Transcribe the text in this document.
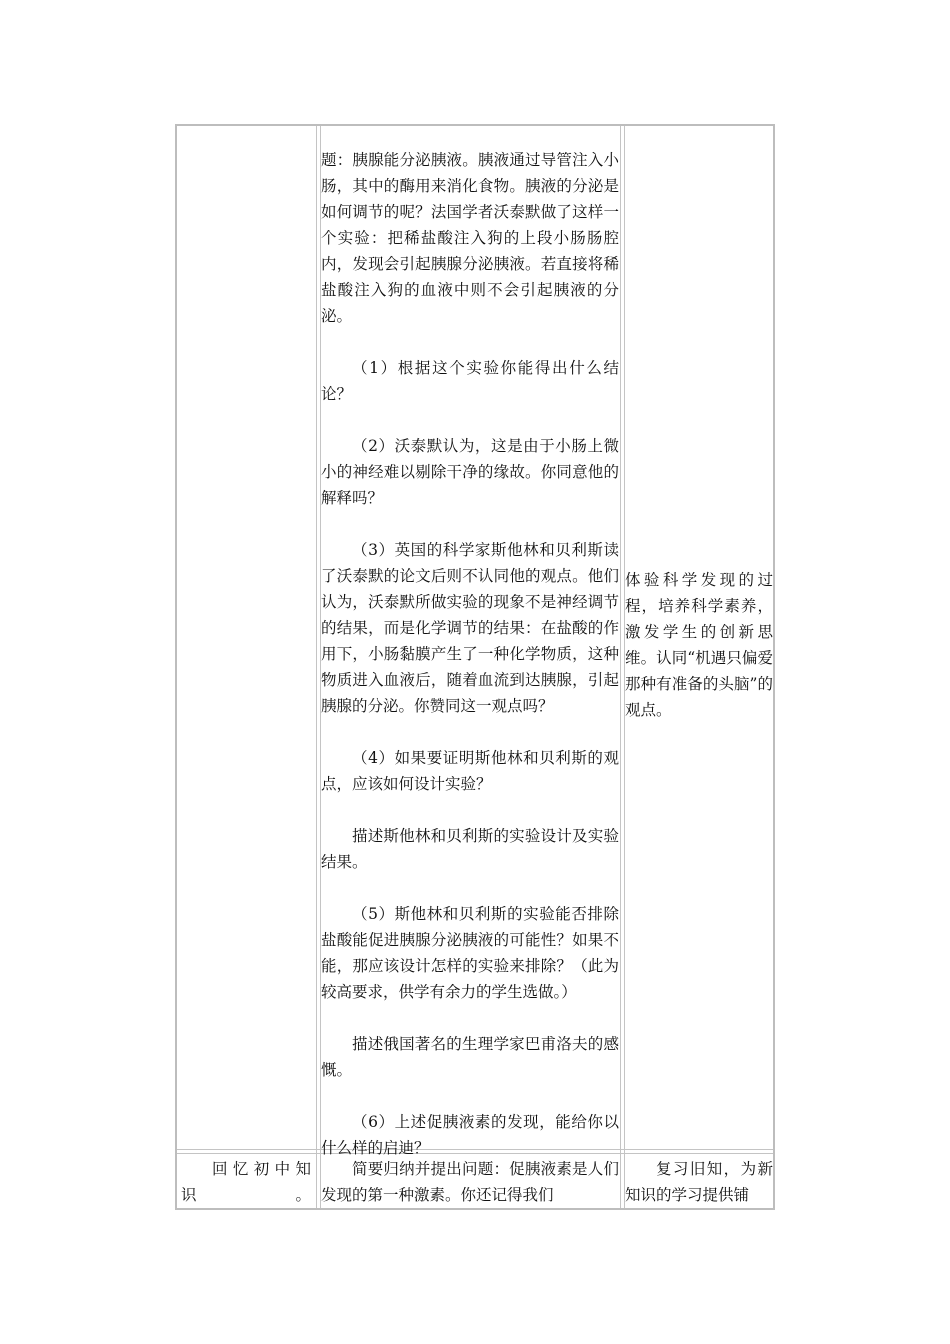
题：胰腺能分泌胰液。胰液通过导管注入小肠，其中的酶用来消化食物。胰液的分泌是如何调节的呢？法国学者沃泰默做了这样一个实验：把稀盐酸注入狗的上段小肠肠腔内，发现会引起胰腺分泌胰液。若直接将稀盐酸注入狗的血液中则不会引起胰液的分泌。

（1）根据这个实验你能得出什么结论？

（2）沃泰默认为，这是由于小肠上微小的神经难以剔除干净的缘故。你同意他的解释吗？

（3）英国的科学家斯他林和贝利斯读了沃泰默的论文后则不认同他的观点。他们认为，沃泰默所做实验的现象不是神经调节的结果，而是化学调节的结果：在盐酸的作用下，小肠黏膜产生了一种化学物质，这种物质进入血液后，随着血流到达胰腺，引起胰腺的分泌。你赞同这一观点吗？

（4）如果要证明斯他林和贝利斯的观点，应该如何设计实验？

描述斯他林和贝利斯的实验设计及实验结果。

（5）斯他林和贝利斯的实验能否排除盐酸能促进胰腺分泌胰液的可能性？如果不能，那应该设计怎样的实验来排除？（此为较高要求，供学有余力的学生选做。）

描述俄国著名的生理学家巴甫洛夫的感慨。

（6）上述促胰液素的发现，能给你以什么样的启迪？

体验科学发现的过程，培养科学素养，激发学生的创新思维。认同“机遇只偏爱那种有准备的头脑”的观点。
回忆初中知识。
简要归纳并提出问题：促胰液素是人们发现的第一种激素。你还记得我们
复习旧知，为新知识的学习提供铺
